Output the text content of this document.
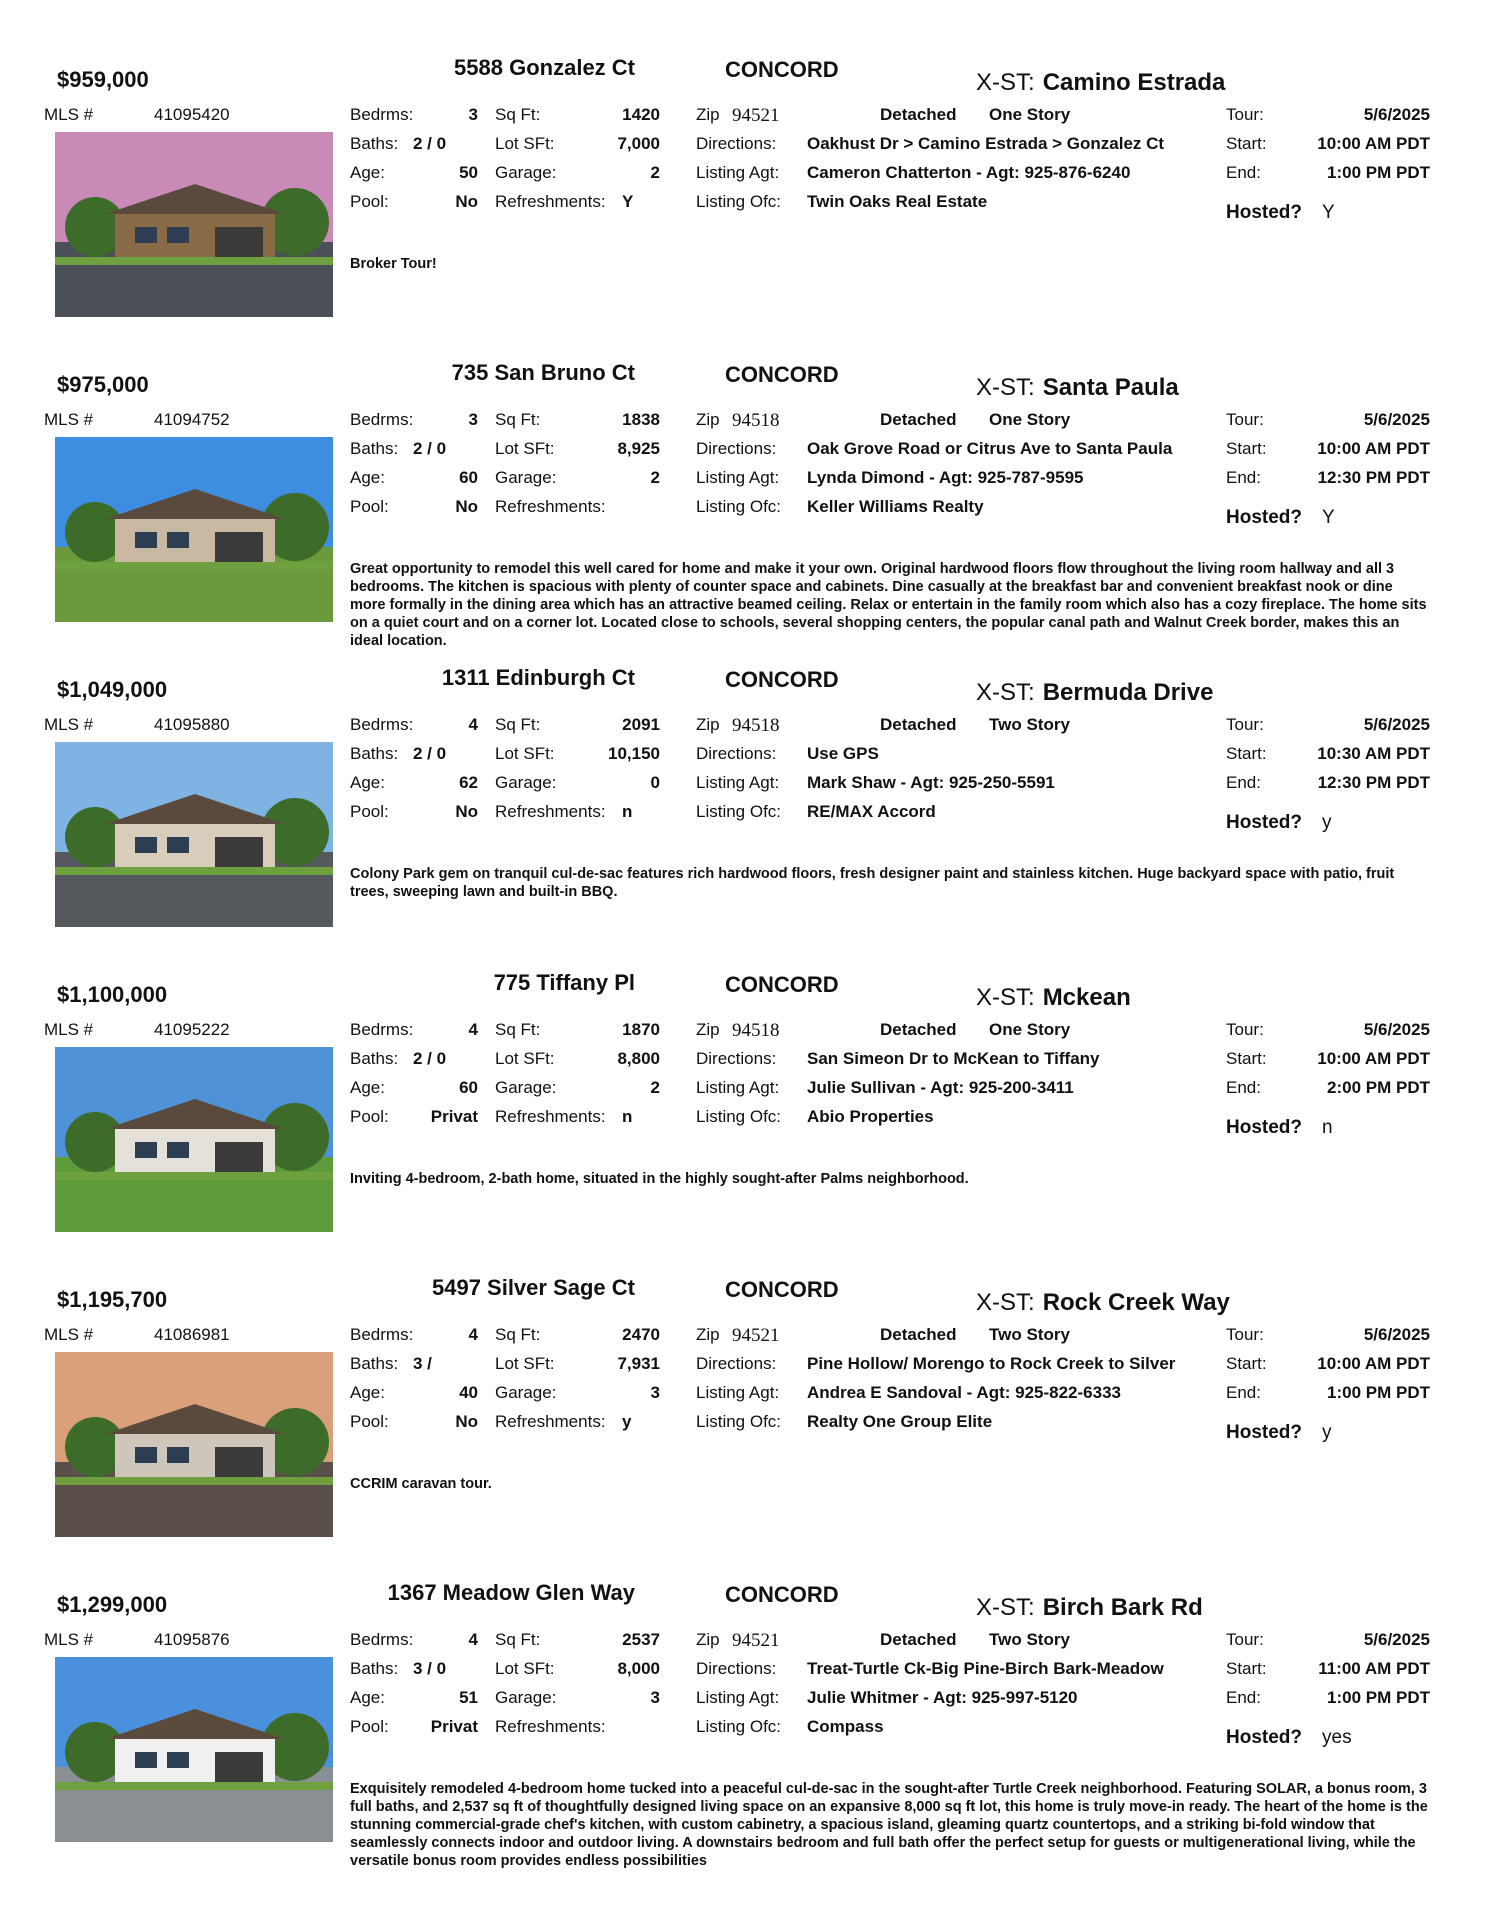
$959,000	5588 Gonzalez Ct	CONCORD	X-ST: Camino Estrada
MLS #	41095420	Bedrms:	3
Baths: 2 / 0
Age:	50
Pool:	No
Sq Ft:	1420
Lot SFt:	7,000
Garage:	2
Refreshments: Y
Zip 94521	Detached One Story
Directions: Oakhust Dr > Camino Estrada > Gonzalez Ct
Listing Agt: Cameron Chatterton - Agt: 925-876-6240
Listing Ofc: Twin Oaks Real Estate
Tour:	5/6/2025
Start:	10:00 AM PDT
End:	1:00 PM PDT
Hosted? Y
Broker Tour!
$975,000	735 San Bruno Ct	CONCORD	X-ST: Santa Paula
MLS #	41094752	Bedrms:	3
Baths: 2 / 0
Age:	60
Pool:	No
Sq Ft:	1838
Lot SFt:	8,925
Garage:	2
Refreshments:
Zip 94518	Detached One Story
Directions: Oak Grove Road or Citrus Ave to Santa Paula
Listing Agt: Lynda Dimond - Agt: 925-787-9595
Listing Ofc: Keller Williams Realty
Tour:	5/6/2025
Start:	10:00 AM PDT
End:	12:30 PM PDT
Hosted? Y
Great opportunity to remodel this well cared for home and make it your own. Original hardwood floors flow throughout the living room hallway and all 3 bedrooms. The kitchen is spacious with plenty of counter space and cabinets. Dine casually at the breakfast bar and convenient breakfast nook or dine more formally in the dining area which has an attractive beamed ceiling. Relax or entertain in the family room which also has a cozy fireplace. The home sits on a quiet court and on a corner lot. Located close to schools, several shopping centers, the popular canal path and Walnut Creek border, makes this an ideal location.
$1,049,000	1311 Edinburgh Ct	CONCORD	X-ST: Bermuda Drive
MLS #	41095880	Bedrms:	4
Baths: 2 / 0
Age:	62
Pool:	No
Sq Ft:	2091
Lot SFt:	10,150
Garage:	0
Refreshments: n
Zip 94518	Detached Two Story
Directions: Use GPS
Listing Agt: Mark Shaw - Agt: 925-250-5591
Listing Ofc: RE/MAX Accord
Tour:	5/6/2025
Start:	10:30 AM PDT
End:	12:30 PM PDT
Hosted? y
Colony Park gem on tranquil cul-de-sac features rich hardwood floors, fresh designer paint and stainless kitchen. Huge backyard space with patio, fruit trees, sweeping lawn and built-in BBQ.
$1,100,000	775 Tiffany Pl	CONCORD	X-ST: Mckean
MLS #	41095222	Bedrms:	4
Baths: 2 / 0
Age:	60
Pool:	Privat
Sq Ft:	1870
Lot SFt:	8,800
Garage:	2
Refreshments: n
Zip 94518	Detached One Story
Directions: San Simeon Dr to McKean to Tiffany
Listing Agt: Julie Sullivan - Agt: 925-200-3411
Listing Ofc: Abio Properties
Tour:	5/6/2025
Start:	10:00 AM PDT
End:	2:00 PM PDT
Hosted? n
Inviting 4-bedroom, 2-bath home, situated in the highly sought-after Palms neighborhood.
$1,195,700	5497 Silver Sage Ct	CONCORD	X-ST: Rock Creek Way
MLS #	41086981	Bedrms:	4
Baths: 3 /
Age:	40
Pool:	No
Sq Ft:	2470
Lot SFt:	7,931
Garage:	3
Refreshments: y
Zip 94521	Detached Two Story
Directions: Pine Hollow/ Morengo to Rock Creek to Silver
Listing Agt: Andrea E Sandoval - Agt: 925-822-6333
Listing Ofc: Realty One Group Elite
Tour:	5/6/2025
Start:	10:00 AM PDT
End:	1:00 PM PDT
Hosted? y
CCRIM caravan tour.
$1,299,000	1367 Meadow Glen Way	CONCORD	X-ST: Birch Bark Rd
MLS #	41095876	Bedrms:	4
Baths: 3 / 0
Age:	51
Pool:	Privat
Sq Ft:	2537
Lot SFt:	8,000
Garage:	3
Refreshments:
Zip 94521	Detached Two Story
Directions: Treat-Turtle Ck-Big Pine-Birch Bark-Meadow
Listing Agt: Julie Whitmer - Agt: 925-997-5120
Listing Ofc: Compass
Tour:	5/6/2025
Start:	11:00 AM PDT
End:	1:00 PM PDT
Hosted? yes
Exquisitely remodeled 4-bedroom home tucked into a peaceful cul-de-sac in the sought-after Turtle Creek neighborhood. Featuring SOLAR, a bonus room, 3 full baths, and 2,537 sq ft of thoughtfully designed living space on an expansive 8,000 sq ft lot, this home is truly move-in ready. The heart of the home is the stunning commercial-grade chef's kitchen, with custom cabinetry, a spacious island, gleaming quartz countertops, and a striking bi-fold window that seamlessly connects indoor and outdoor living. A downstairs bedroom and full bath offer the perfect setup for guests or multigenerational living, while the versatile bonus room provides endless possibilities
